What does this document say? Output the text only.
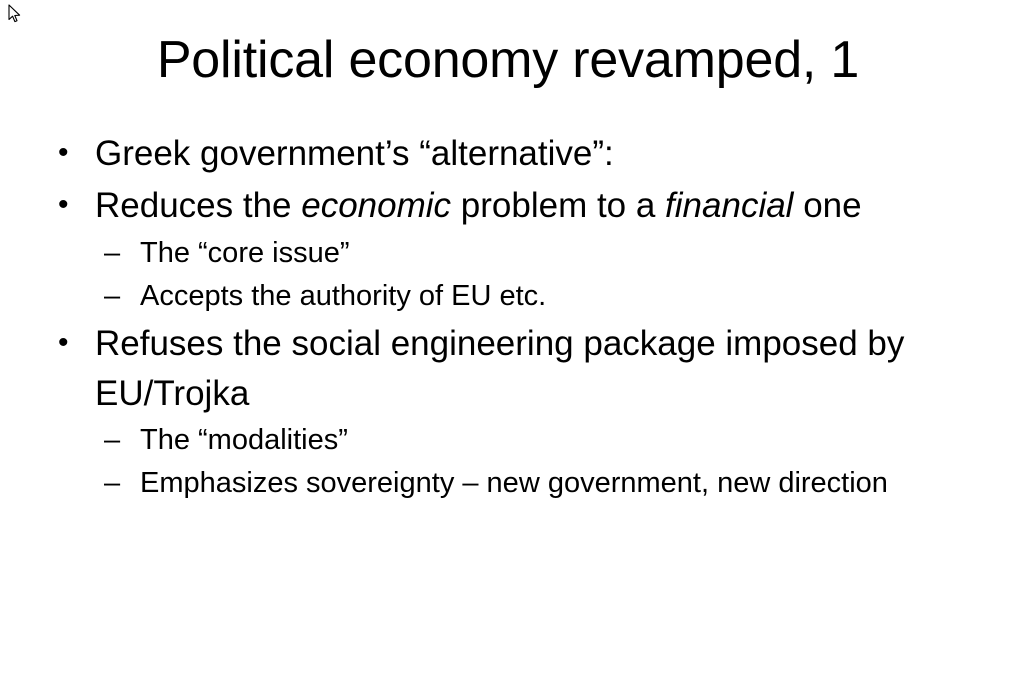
Political economy revamped, 1
• Greek government’s “alternative”:
• Reduces the economic problem to a financial one
– The “core issue”
– Accepts the authority of EU etc.
• Refuses the social engineering package imposed by EU/Trojka
– The “modalities”
– Emphasizes sovereignty – new government, new direction
